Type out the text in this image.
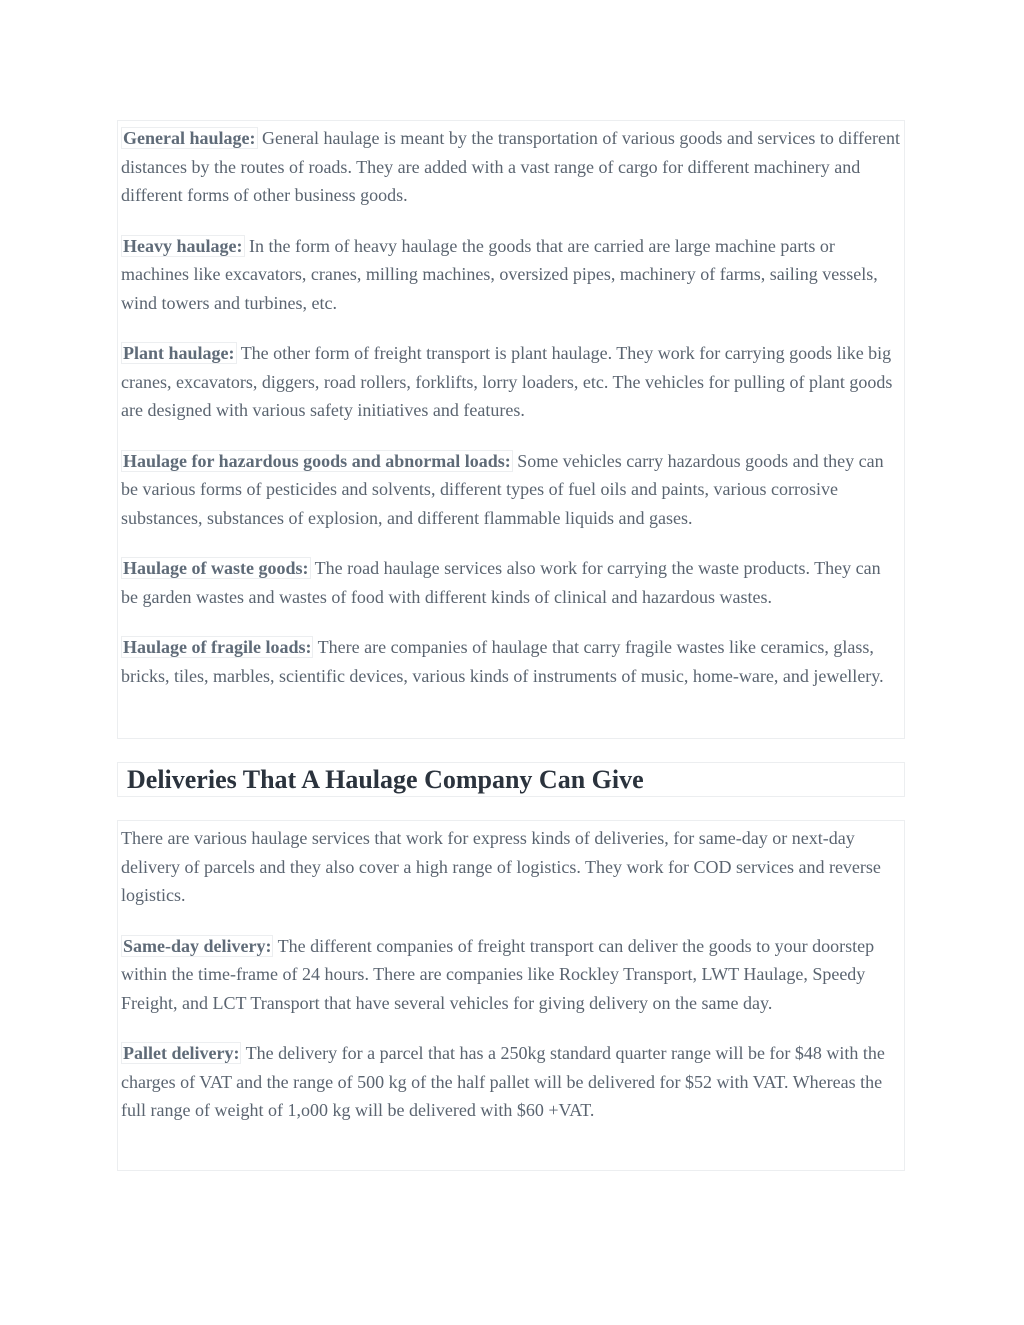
General haulage: General haulage is meant by the transportation of various goods and services to different distances by the routes of roads. They are added with a vast range of cargo for different machinery and different forms of other business goods.

Heavy haulage: In the form of heavy haulage the goods that are carried are large machine parts or machines like excavators, cranes, milling machines, oversized pipes, machinery of farms, sailing vessels, wind towers and turbines, etc.

Plant haulage: The other form of freight transport is plant haulage. They work for carrying goods like big cranes, excavators, diggers, road rollers, forklifts, lorry loaders, etc. The vehicles for pulling of plant goods are designed with various safety initiatives and features.

Haulage for hazardous goods and abnormal loads: Some vehicles carry hazardous goods and they can be various forms of pesticides and solvents, different types of fuel oils and paints, various corrosive substances, substances of explosion, and different flammable liquids and gases.

Haulage of waste goods: The road haulage services also work for carrying the waste products. They can be garden wastes and wastes of food with different kinds of clinical and hazardous wastes.

Haulage of fragile loads: There are companies of haulage that carry fragile wastes like ceramics, glass, bricks, tiles, marbles, scientific devices, various kinds of instruments of music, home-ware, and jewellery.

Deliveries That A Haulage Company Can Give

There are various haulage services that work for express kinds of deliveries, for same-day or next-day delivery of parcels and they also cover a high range of logistics. They work for COD services and reverse logistics.

Same-day delivery: The different companies of freight transport can deliver the goods to your doorstep within the time-frame of 24 hours. There are companies like Rockley Transport, LWT Haulage, Speedy Freight, and LCT Transport that have several vehicles for giving delivery on the same day.

Pallet delivery: The delivery for a parcel that has a 250kg standard quarter range will be for $48 with the charges of VAT and the range of 500 kg of the half pallet will be delivered for $52 with VAT. Whereas the full range of weight of 1,o00 kg will be delivered with $60 +VAT.
